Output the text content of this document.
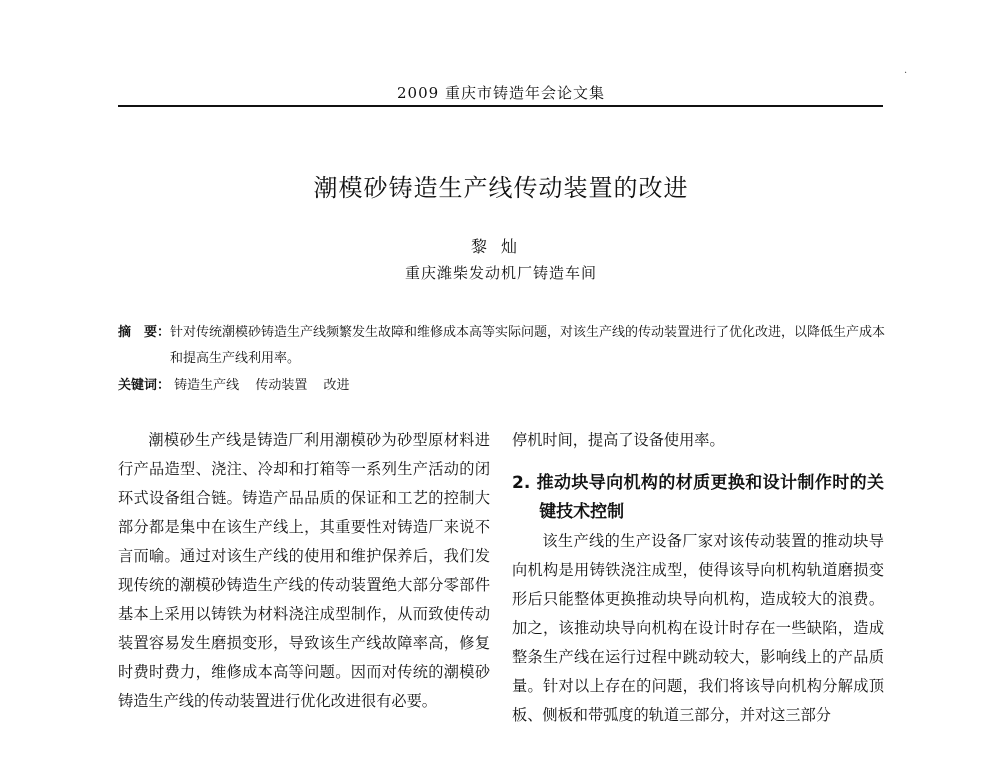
·
2009 重庆市铸造年会论文集
潮模砂铸造生产线传动装置的改进
黎灿
重庆潍柴发动机厂铸造车间
摘　要： 针对传统潮模砂铸造生产线频繁发生故障和维修成本高等实际问题，对该生产线的传动装置进行了优化改进，以降低生产成本和提高生产线利用率。
关键词： 铸造生产线 传动装置 改进

潮模砂生产线是铸造厂利用潮模砂为砂型原材料进行产品造型、浇注、冷却和打箱等一系列生产活动的闭环式设备组合链。铸造产品品质的保证和工艺的控制大部分都是集中在该生产线上，其重要性对铸造厂来说不言而喻。通过对该生产线的使用和维护保养后，我们发现传统的潮模砂铸造生产线的传动装置绝大部分零部件基本上采用以铸铁为材料浇注成型制作，从而致使传动装置容易发生磨损变形，导致该生产线故障率高，修复时费时费力，维修成本高等问题。因而对传统的潮模砂铸造生产线的传动装置进行优化改进很有必要。

停机时间，提高了设备使用率。

2. 推动块导向机构的材质更换和设计制作时的关键技术控制

该生产线的生产设备厂家对该传动装置的推动块导向机构是用铸铁浇注成型，使得该导向机构轨道磨损变形后只能整体更换推动块导向机构，造成较大的浪费。加之，该推动块导向机构在设计时存在一些缺陷，造成整条生产线在运行过程中跳动较大，影响线上的产品质量。针对以上存在的问题，我们将该导向机构分解成顶板、侧板和带弧度的轨道三部分，并对这三部分
